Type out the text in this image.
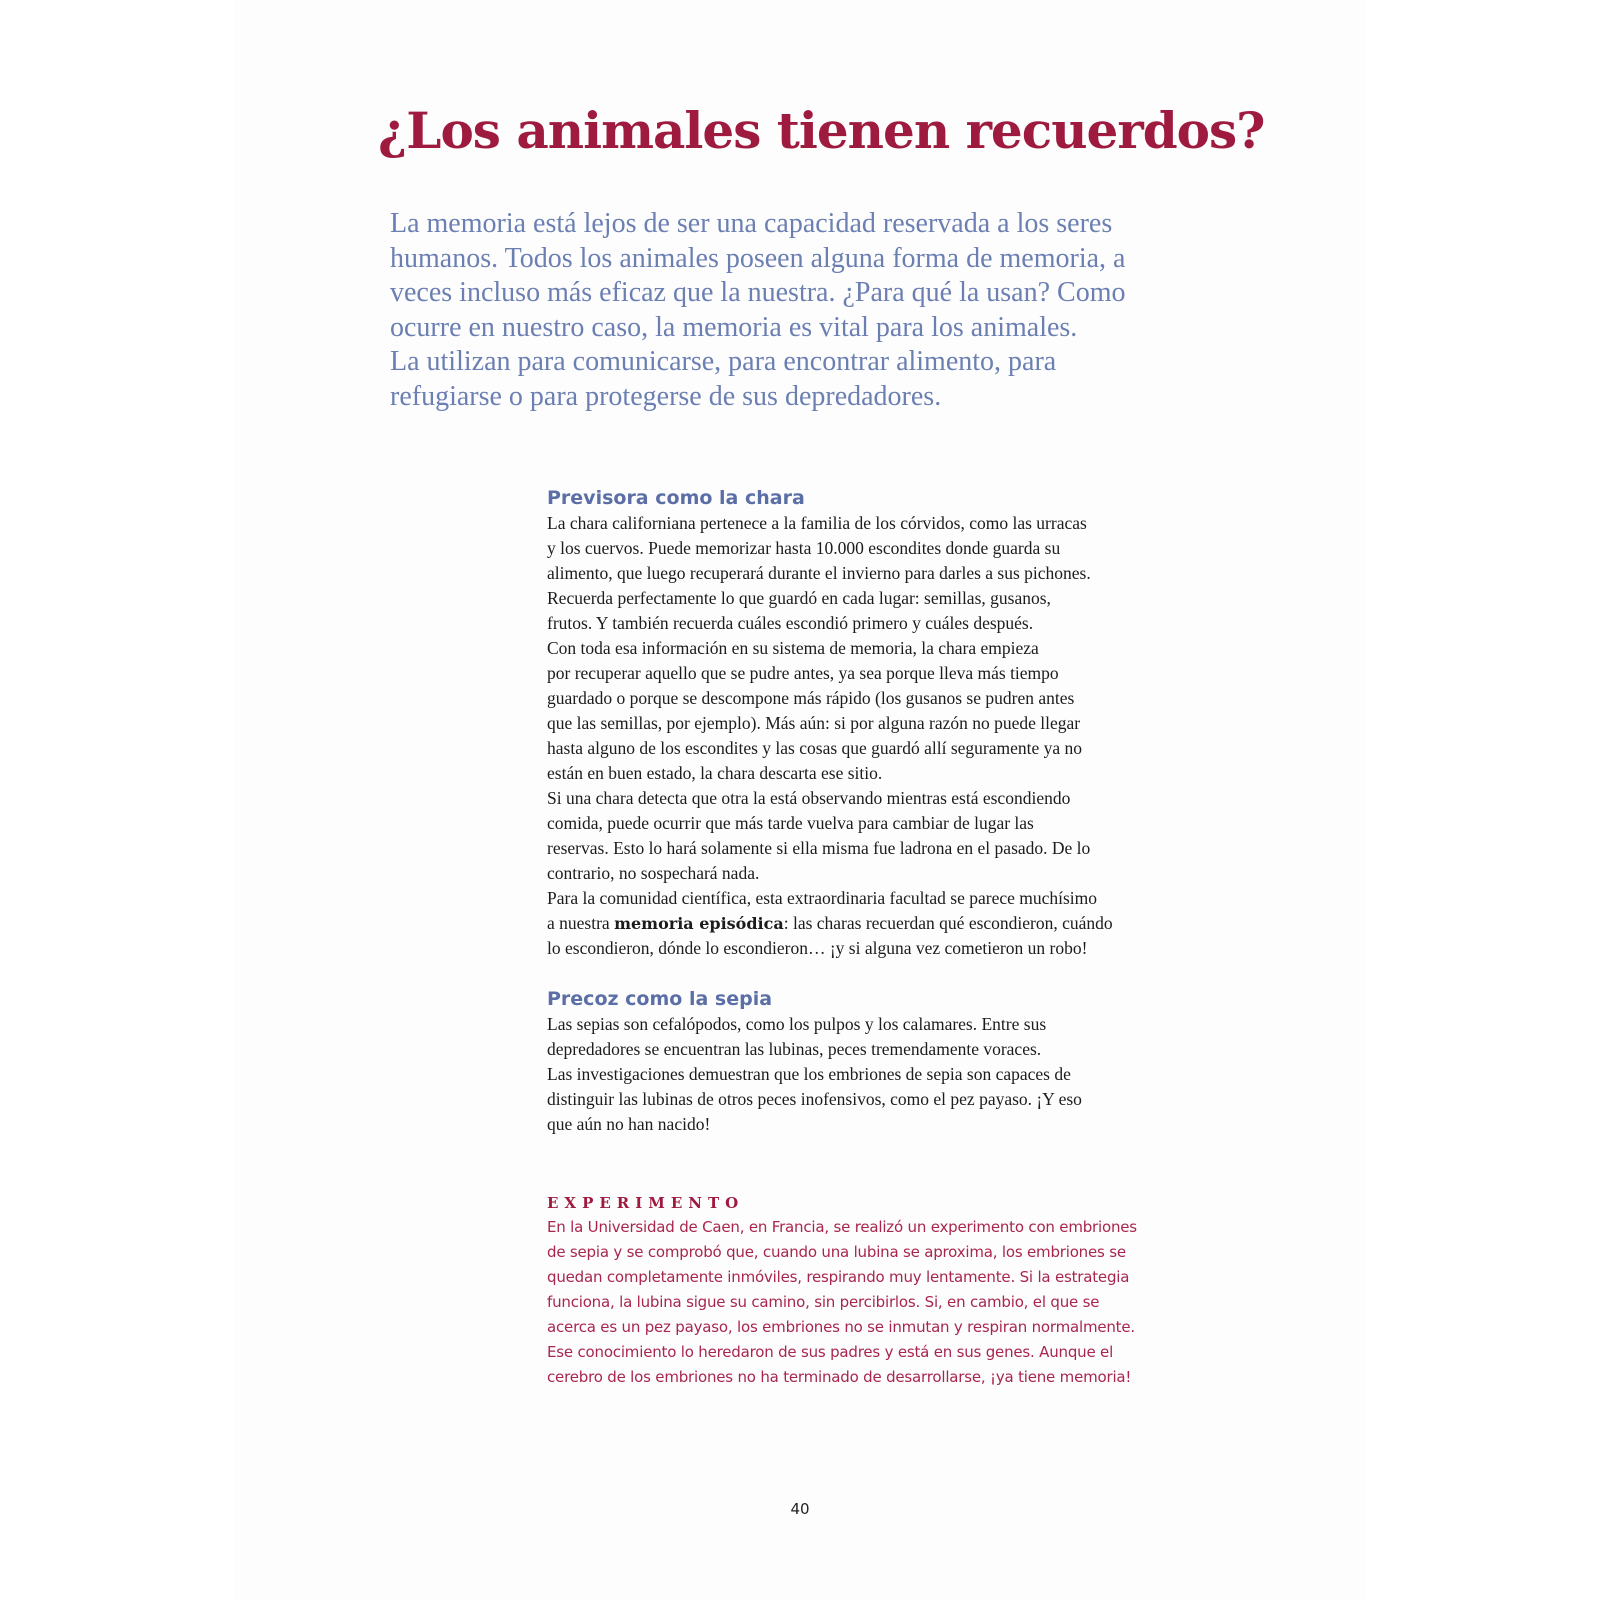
¿Los animales tienen recuerdos?
La memoria está lejos de ser una capacidad reservada a los seres
humanos. Todos los animales poseen alguna forma de memoria, a
veces incluso más eficaz que la nuestra. ¿Para qué la usan? Como
ocurre en nuestro caso, la memoria es vital para los animales.
La utilizan para comunicarse, para encontrar alimento, para
refugiarse o para protegerse de sus depredadores.
Previsora como la chara
La chara californiana pertenece a la familia de los córvidos, como las urracas
y los cuervos. Puede memorizar hasta 10.000 escondites donde guarda su
alimento, que luego recuperará durante el invierno para darles a sus pichones.
Recuerda perfectamente lo que guardó en cada lugar: semillas, gusanos,
frutos. Y también recuerda cuáles escondió primero y cuáles después.
Con toda esa información en su sistema de memoria, la chara empieza
por recuperar aquello que se pudre antes, ya sea porque lleva más tiempo
guardado o porque se descompone más rápido (los gusanos se pudren antes
que las semillas, por ejemplo). Más aún: si por alguna razón no puede llegar
hasta alguno de los escondites y las cosas que guardó allí seguramente ya no
están en buen estado, la chara descarta ese sitio.
Si una chara detecta que otra la está observando mientras está escondiendo
comida, puede ocurrir que más tarde vuelva para cambiar de lugar las
reservas. Esto lo hará solamente si ella misma fue ladrona en el pasado. De lo
contrario, no sospechará nada.
Para la comunidad científica, esta extraordinaria facultad se parece muchísimo
a nuestra memoria episódica: las charas recuerdan qué escondieron, cuándo
lo escondieron, dónde lo escondieron… ¡y si alguna vez cometieron un robo!
Precoz como la sepia
Las sepias son cefalópodos, como los pulpos y los calamares. Entre sus
depredadores se encuentran las lubinas, peces tremendamente voraces.
Las investigaciones demuestran que los embriones de sepia son capaces de
distinguir las lubinas de otros peces inofensivos, como el pez payaso. ¡Y eso
que aún no han nacido!
EXPERIMENTO
En la Universidad de Caen, en Francia, se realizó un experimento con embriones
de sepia y se comprobó que, cuando una lubina se aproxima, los embriones se
quedan completamente inmóviles, respirando muy lentamente. Si la estrategia
funciona, la lubina sigue su camino, sin percibirlos. Si, en cambio, el que se
acerca es un pez payaso, los embriones no se inmutan y respiran normalmente.
Ese conocimiento lo heredaron de sus padres y está en sus genes. Aunque el
cerebro de los embriones no ha terminado de desarrollarse, ¡ya tiene memoria!
40
